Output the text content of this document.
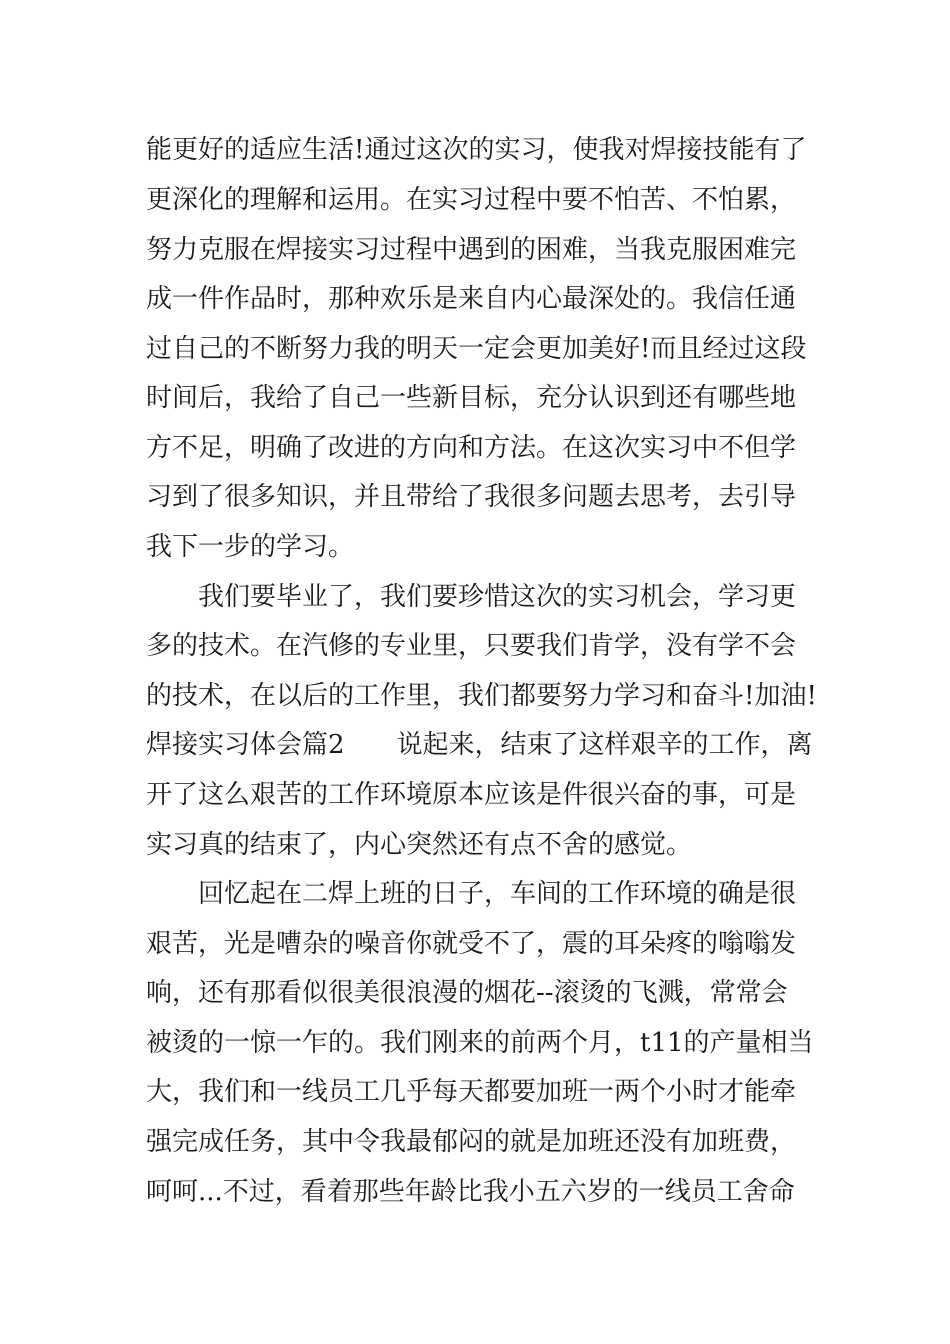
能更好的适应生活!通过这次的实习，使我对焊接技能有了
更深化的理解和运用。在实习过程中要不怕苦、不怕累，
努力克服在焊接实习过程中遇到的困难，当我克服困难完
成一件作品时，那种欢乐是来自内心最深处的。我信任通
过自己的不断努力我的明天一定会更加美好!而且经过这段
时间后，我给了自己一些新目标，充分认识到还有哪些地
方不足，明确了改进的方向和方法。在这次实习中不但学
习到了很多知识，并且带给了我很多问题去思考，去引导
我下一步的学习。
我们要毕业了，我们要珍惜这次的实习机会，学习更
多的技术。在汽修的专业里，只要我们肯学，没有学不会
的技术，在以后的工作里，我们都要努力学习和奋斗!加油!
焊接实习体会篇2　　说起来，结束了这样艰辛的工作，离
开了这么艰苦的工作环境原本应该是件很兴奋的事，可是
实习真的结束了，内心突然还有点不舍的感觉。
回忆起在二焊上班的日子，车间的工作环境的确是很
艰苦，光是嘈杂的噪音你就受不了，震的耳朵疼的嗡嗡发
响，还有那看似很美很浪漫的烟花--滚烫的飞溅，常常会
被烫的一惊一乍的。我们刚来的前两个月，t11的产量相当
大，我们和一线员工几乎每天都要加班一两个小时才能牵
强完成任务，其中令我最郁闷的就是加班还没有加班费，
呵呵...不过，看着那些年龄比我小五六岁的一线员工舍命
